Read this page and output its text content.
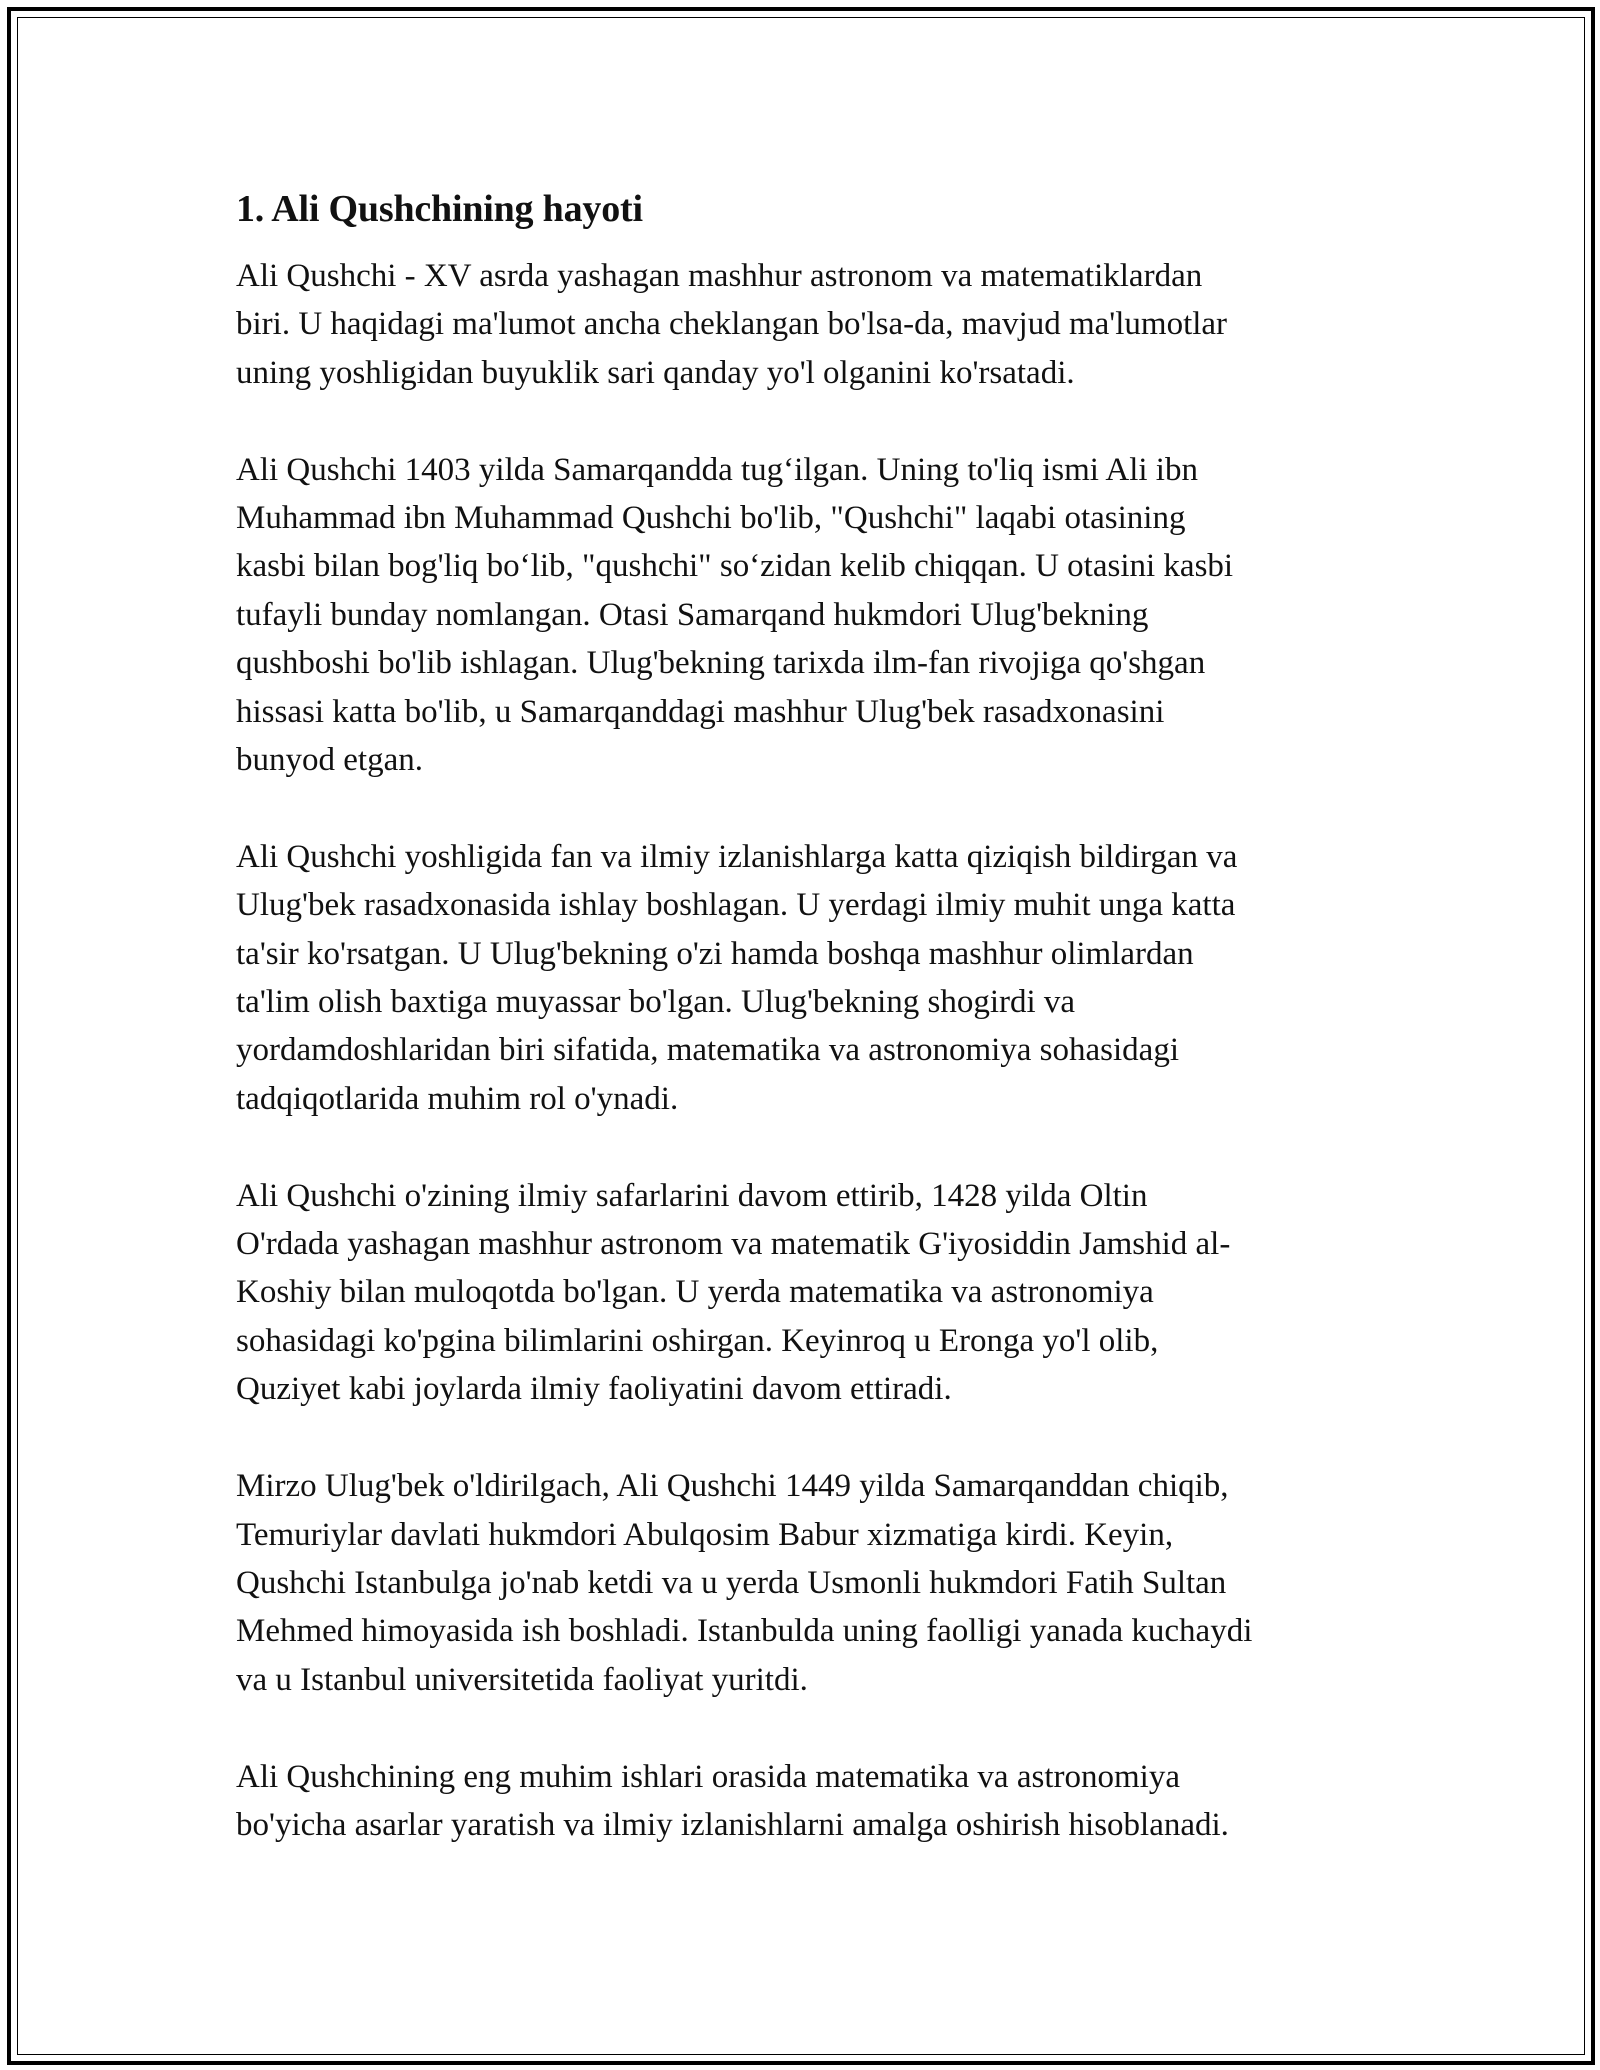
1. Ali Qushchining hayoti

Ali Qushchi - XV asrda yashagan mashhur astronom va matematiklardan
biri. U haqidagi ma'lumot ancha cheklangan bo'lsa-da, mavjud ma'lumotlar
uning yoshligidan buyuklik sari qanday yo'l olganini ko'rsatadi.

Ali Qushchi 1403 yilda Samarqandda tug‘ilgan. Uning to'liq ismi Ali ibn
Muhammad ibn Muhammad Qushchi bo'lib, "Qushchi" laqabi otasining
kasbi bilan bog'liq bo‘lib, "qushchi" so‘zidan kelib chiqqan. U otasini kasbi
tufayli bunday nomlangan. Otasi Samarqand hukmdori Ulug'bekning
qushboshi bo'lib ishlagan. Ulug'bekning tarixda ilm-fan rivojiga qo'shgan
hissasi katta bo'lib, u Samarqanddagi mashhur Ulug'bek rasadxonasini
bunyod etgan.

Ali Qushchi yoshligida fan va ilmiy izlanishlarga katta qiziqish bildirgan va
Ulug'bek rasadxonasida ishlay boshlagan. U yerdagi ilmiy muhit unga katta
ta'sir ko'rsatgan. U Ulug'bekning o'zi hamda boshqa mashhur olimlardan
ta'lim olish baxtiga muyassar bo'lgan. Ulug'bekning shogirdi va
yordamdoshlaridan biri sifatida, matematika va astronomiya sohasidagi
tadqiqotlarida muhim rol o'ynadi.

Ali Qushchi o'zining ilmiy safarlarini davom ettirib, 1428 yilda Oltin
O'rdada yashagan mashhur astronom va matematik G'iyosiddin Jamshid al-
Koshiy bilan muloqotda bo'lgan. U yerda matematika va astronomiya
sohasidagi ko'pgina bilimlarini oshirgan. Keyinroq u Eronga yo'l olib,
Quziyet kabi joylarda ilmiy faoliyatini davom ettiradi.

Mirzo Ulug'bek o'ldirilgach, Ali Qushchi 1449 yilda Samarqanddan chiqib,
Temuriylar davlati hukmdori Abulqosim Babur xizmatiga kirdi. Keyin,
Qushchi Istanbulga jo'nab ketdi va u yerda Usmonli hukmdori Fatih Sultan
Mehmed himoyasida ish boshladi. Istanbulda uning faolligi yanada kuchaydi
va u Istanbul universitetida faoliyat yuritdi.

Ali Qushchining eng muhim ishlari orasida matematika va astronomiya
bo'yicha asarlar yaratish va ilmiy izlanishlarni amalga oshirish hisoblanadi.
